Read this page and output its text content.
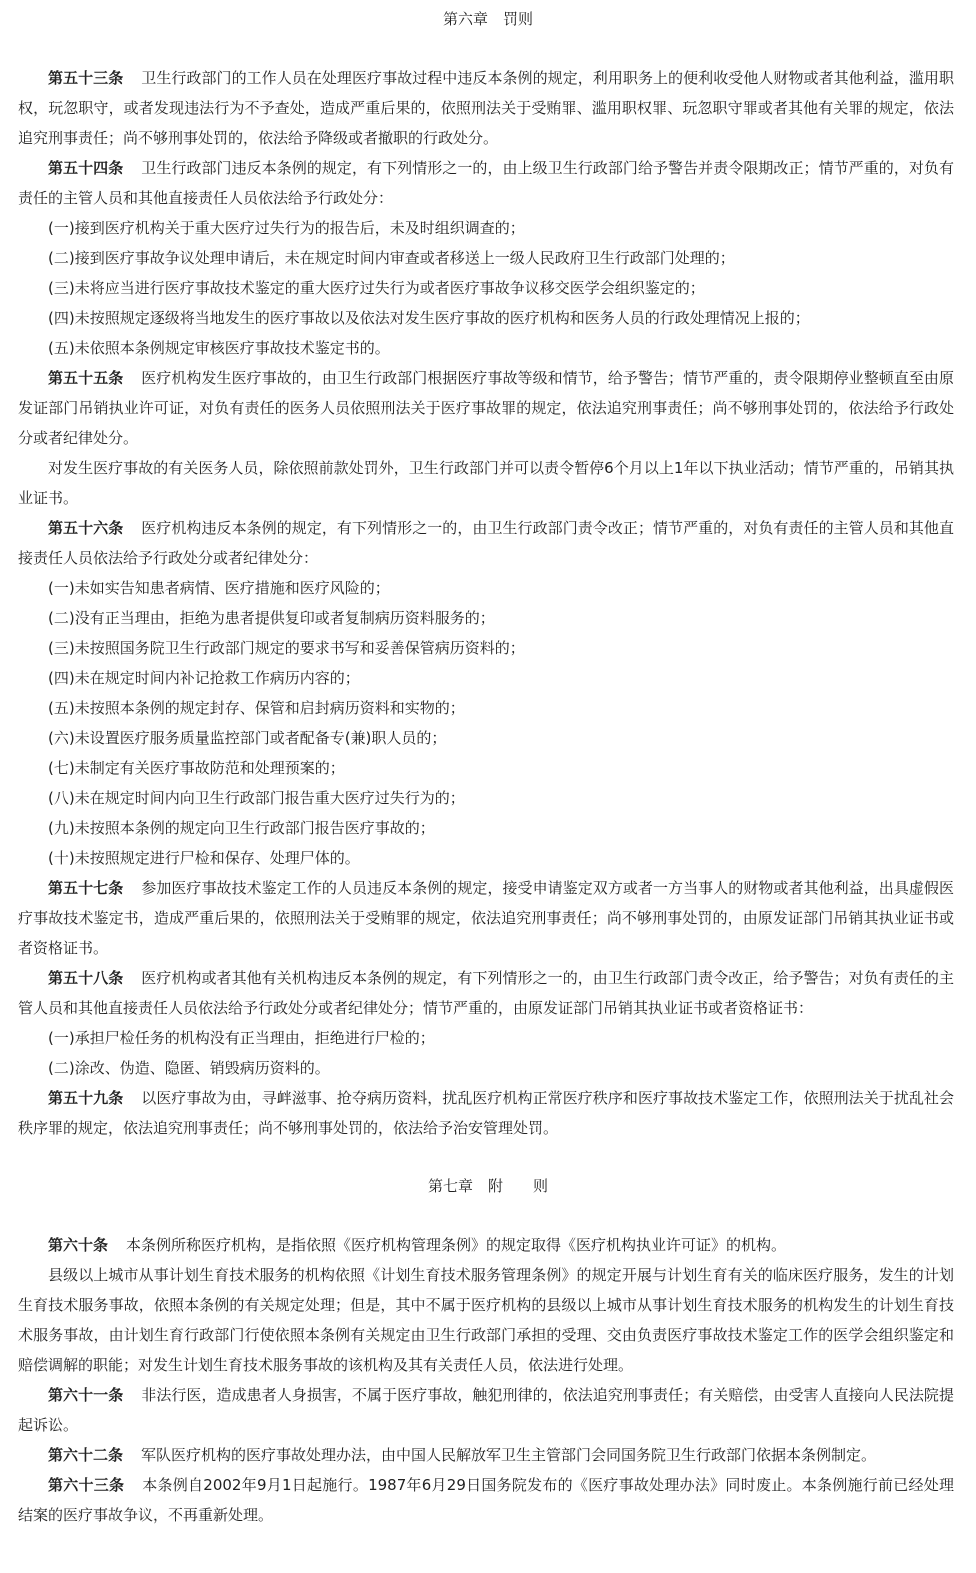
第六章　罚则

第五十三条 卫生行政部门的工作人员在处理医疗事故过程中违反本条例的规定，利用职务上的便利收受他人财物或者其他利益，滥用职权，玩忽职守，或者发现违法行为不予查处，造成严重后果的，依照刑法关于受贿罪、滥用职权罪、玩忽职守罪或者其他有关罪的规定，依法追究刑事责任；尚不够刑事处罚的，依法给予降级或者撤职的行政处分。

第五十四条 卫生行政部门违反本条例的规定，有下列情形之一的，由上级卫生行政部门给予警告并责令限期改正；情节严重的，对负有责任的主管人员和其他直接责任人员依法给予行政处分：

(一)接到医疗机构关于重大医疗过失行为的报告后，未及时组织调查的；

(二)接到医疗事故争议处理申请后，未在规定时间内审查或者移送上一级人民政府卫生行政部门处理的；

(三)未将应当进行医疗事故技术鉴定的重大医疗过失行为或者医疗事故争议移交医学会组织鉴定的；

(四)未按照规定逐级将当地发生的医疗事故以及依法对发生医疗事故的医疗机构和医务人员的行政处理情况上报的；

(五)未依照本条例规定审核医疗事故技术鉴定书的。

第五十五条 医疗机构发生医疗事故的，由卫生行政部门根据医疗事故等级和情节，给予警告；情节严重的，责令限期停业整顿直至由原发证部门吊销执业许可证，对负有责任的医务人员依照刑法关于医疗事故罪的规定，依法追究刑事责任；尚不够刑事处罚的，依法给予行政处分或者纪律处分。

对发生医疗事故的有关医务人员，除依照前款处罚外，卫生行政部门并可以责令暂停6个月以上1年以下执业活动；情节严重的，吊销其执业证书。

第五十六条 医疗机构违反本条例的规定，有下列情形之一的，由卫生行政部门责令改正；情节严重的，对负有责任的主管人员和其他直接责任人员依法给予行政处分或者纪律处分：

(一)未如实告知患者病情、医疗措施和医疗风险的；

(二)没有正当理由，拒绝为患者提供复印或者复制病历资料服务的；

(三)未按照国务院卫生行政部门规定的要求书写和妥善保管病历资料的；

(四)未在规定时间内补记抢救工作病历内容的；

(五)未按照本条例的规定封存、保管和启封病历资料和实物的；

(六)未设置医疗服务质量监控部门或者配备专(兼)职人员的；

(七)未制定有关医疗事故防范和处理预案的；

(八)未在规定时间内向卫生行政部门报告重大医疗过失行为的；

(九)未按照本条例的规定向卫生行政部门报告医疗事故的；

(十)未按照规定进行尸检和保存、处理尸体的。

第五十七条 参加医疗事故技术鉴定工作的人员违反本条例的规定，接受申请鉴定双方或者一方当事人的财物或者其他利益，出具虚假医疗事故技术鉴定书，造成严重后果的，依照刑法关于受贿罪的规定，依法追究刑事责任；尚不够刑事处罚的，由原发证部门吊销其执业证书或者资格证书。

第五十八条 医疗机构或者其他有关机构违反本条例的规定，有下列情形之一的，由卫生行政部门责令改正，给予警告；对负有责任的主管人员和其他直接责任人员依法给予行政处分或者纪律处分；情节严重的，由原发证部门吊销其执业证书或者资格证书：

(一)承担尸检任务的机构没有正当理由，拒绝进行尸检的；

(二)涂改、伪造、隐匿、销毁病历资料的。

第五十九条 以医疗事故为由，寻衅滋事、抢夺病历资料，扰乱医疗机构正常医疗秩序和医疗事故技术鉴定工作，依照刑法关于扰乱社会秩序罪的规定，依法追究刑事责任；尚不够刑事处罚的，依法给予治安管理处罚。

第七章　附　　则

第六十条 本条例所称医疗机构，是指依照《医疗机构管理条例》的规定取得《医疗机构执业许可证》的机构。

县级以上城市从事计划生育技术服务的机构依照《计划生育技术服务管理条例》的规定开展与计划生育有关的临床医疗服务，发生的计划生育技术服务事故，依照本条例的有关规定处理；但是，其中不属于医疗机构的县级以上城市从事计划生育技术服务的机构发生的计划生育技术服务事故，由计划生育行政部门行使依照本条例有关规定由卫生行政部门承担的受理、交由负责医疗事故技术鉴定工作的医学会组织鉴定和赔偿调解的职能；对发生计划生育技术服务事故的该机构及其有关责任人员，依法进行处理。

第六十一条 非法行医，造成患者人身损害，不属于医疗事故，触犯刑律的，依法追究刑事责任；有关赔偿，由受害人直接向人民法院提起诉讼。

第六十二条 军队医疗机构的医疗事故处理办法，由中国人民解放军卫生主管部门会同国务院卫生行政部门依据本条例制定。

第六十三条 本条例自2002年9月1日起施行。1987年6月29日国务院发布的《医疗事故处理办法》同时废止。本条例施行前已经处理结案的医疗事故争议，不再重新处理。
